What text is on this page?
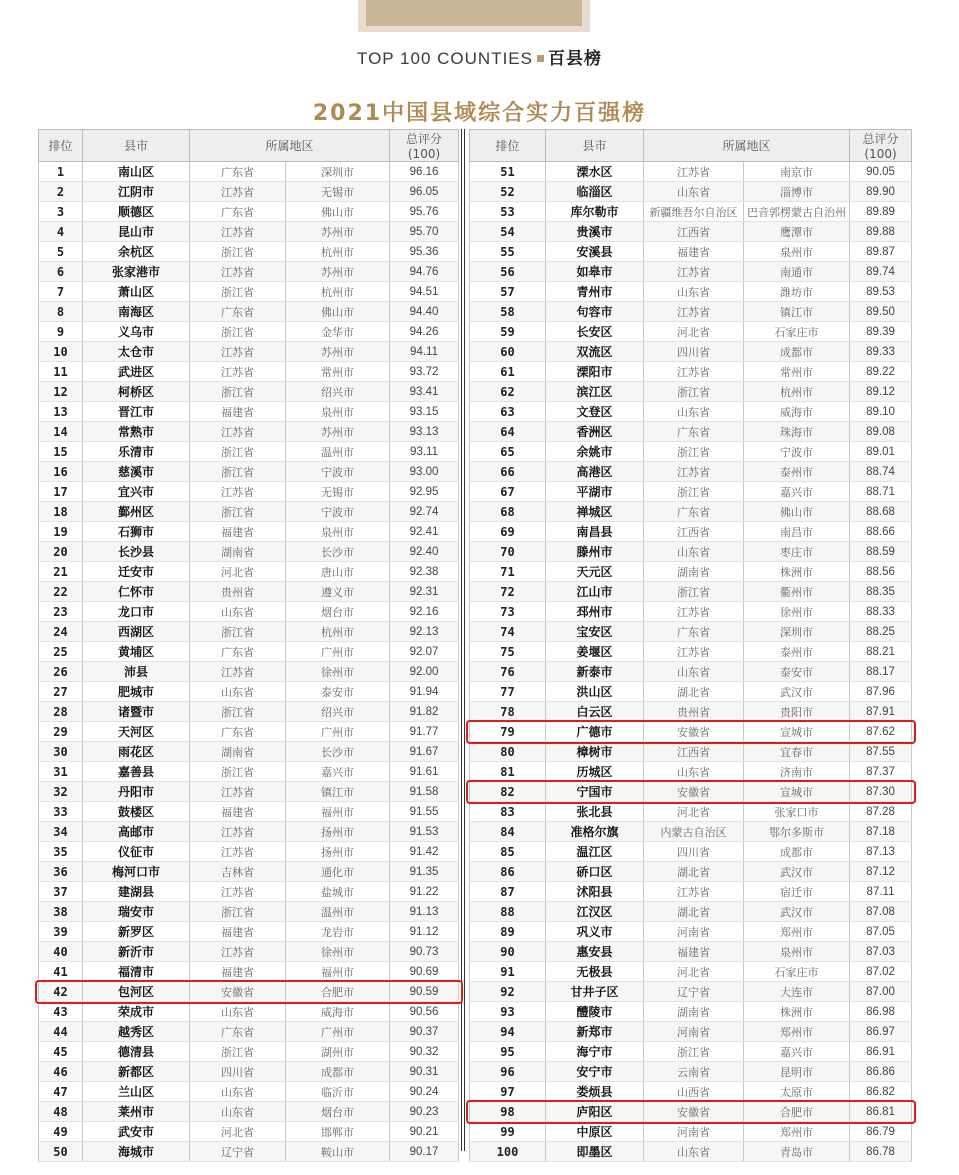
TOP 100 COUNTIES 百县榜
2021中国县域综合实力百强榜
排位	县市	所属地区		总评分(100)
1	南山区	广东省	深圳市	96.16
2	江阴市	江苏省	无锡市	96.05
3	顺德区	广东省	佛山市	95.76
4	昆山市	江苏省	苏州市	95.70
5	余杭区	浙江省	杭州市	95.36
6	张家港市	江苏省	苏州市	94.76
7	萧山区	浙江省	杭州市	94.51
8	南海区	广东省	佛山市	94.40
9	义乌市	浙江省	金华市	94.26
10	太仓市	江苏省	苏州市	94.11
11	武进区	江苏省	常州市	93.72
12	柯桥区	浙江省	绍兴市	93.41
13	晋江市	福建省	泉州市	93.15
14	常熟市	江苏省	苏州市	93.13
15	乐清市	浙江省	温州市	93.11
16	慈溪市	浙江省	宁波市	93.00
17	宜兴市	江苏省	无锡市	92.95
18	鄞州区	浙江省	宁波市	92.74
19	石狮市	福建省	泉州市	92.41
20	长沙县	湖南省	长沙市	92.40
21	迁安市	河北省	唐山市	92.38
22	仁怀市	贵州省	遵义市	92.31
23	龙口市	山东省	烟台市	92.16
24	西湖区	浙江省	杭州市	92.13
25	黄埔区	广东省	广州市	92.07
26	沛县	江苏省	徐州市	92.00
27	肥城市	山东省	泰安市	91.94
28	诸暨市	浙江省	绍兴市	91.82
29	天河区	广东省	广州市	91.77
30	雨花区	湖南省	长沙市	91.67
31	嘉善县	浙江省	嘉兴市	91.61
32	丹阳市	江苏省	镇江市	91.58
33	鼓楼区	福建省	福州市	91.55
34	高邮市	江苏省	扬州市	91.53
35	仪征市	江苏省	扬州市	91.42
36	梅河口市	吉林省	通化市	91.35
37	建湖县	江苏省	盐城市	91.22
38	瑞安市	浙江省	温州市	91.13
39	新罗区	福建省	龙岩市	91.12
40	新沂市	江苏省	徐州市	90.73
41	福清市	福建省	福州市	90.69
42	包河区	安徽省	合肥市	90.59
43	荣成市	山东省	威海市	90.56
44	越秀区	广东省	广州市	90.37
45	德清县	浙江省	湖州市	90.32
46	新都区	四川省	成都市	90.31
47	兰山区	山东省	临沂市	90.24
48	莱州市	山东省	烟台市	90.23
49	武安市	河北省	邯郸市	90.21
50	海城市	辽宁省	鞍山市	90.17
排位	县市	所属地区		总评分(100)
51	溧水区	江苏省	南京市	90.05
52	临淄区	山东省	淄博市	89.90
53	库尔勒市	新疆维吾尔自治区	巴音郭楞蒙古自治州	89.89
54	贵溪市	江西省	鹰潭市	89.88
55	安溪县	福建省	泉州市	89.87
56	如皋市	江苏省	南通市	89.74
57	青州市	山东省	潍坊市	89.53
58	句容市	江苏省	镇江市	89.50
59	长安区	河北省	石家庄市	89.39
60	双流区	四川省	成都市	89.33
61	溧阳市	江苏省	常州市	89.22
62	滨江区	浙江省	杭州市	89.12
63	文登区	山东省	威海市	89.10
64	香洲区	广东省	珠海市	89.08
65	余姚市	浙江省	宁波市	89.01
66	高港区	江苏省	泰州市	88.74
67	平湖市	浙江省	嘉兴市	88.71
68	禅城区	广东省	佛山市	88.68
69	南昌县	江西省	南昌市	88.66
70	滕州市	山东省	枣庄市	88.59
71	天元区	湖南省	株洲市	88.56
72	江山市	浙江省	衢州市	88.35
73	邳州市	江苏省	徐州市	88.33
74	宝安区	广东省	深圳市	88.25
75	姜堰区	江苏省	泰州市	88.21
76	新泰市	山东省	泰安市	88.17
77	洪山区	湖北省	武汉市	87.96
78	白云区	贵州省	贵阳市	87.91
79	广德市	安徽省	宣城市	87.62
80	樟树市	江西省	宜春市	87.55
81	历城区	山东省	济南市	87.37
82	宁国市	安徽省	宣城市	87.30
83	张北县	河北省	张家口市	87.28
84	准格尔旗	内蒙古自治区	鄂尔多斯市	87.18
85	温江区	四川省	成都市	87.13
86	硚口区	湖北省	武汉市	87.12
87	沭阳县	江苏省	宿迁市	87.11
88	江汉区	湖北省	武汉市	87.08
89	巩义市	河南省	郑州市	87.05
90	惠安县	福建省	泉州市	87.03
91	无极县	河北省	石家庄市	87.02
92	甘井子区	辽宁省	大连市	87.00
93	醴陵市	湖南省	株洲市	86.98
94	新郑市	河南省	郑州市	86.97
95	海宁市	浙江省	嘉兴市	86.91
96	安宁市	云南省	昆明市	86.86
97	娄烦县	山西省	太原市	86.82
98	庐阳区	安徽省	合肥市	86.81
99	中原区	河南省	郑州市	86.79
100	即墨区	山东省	青岛市	86.78
